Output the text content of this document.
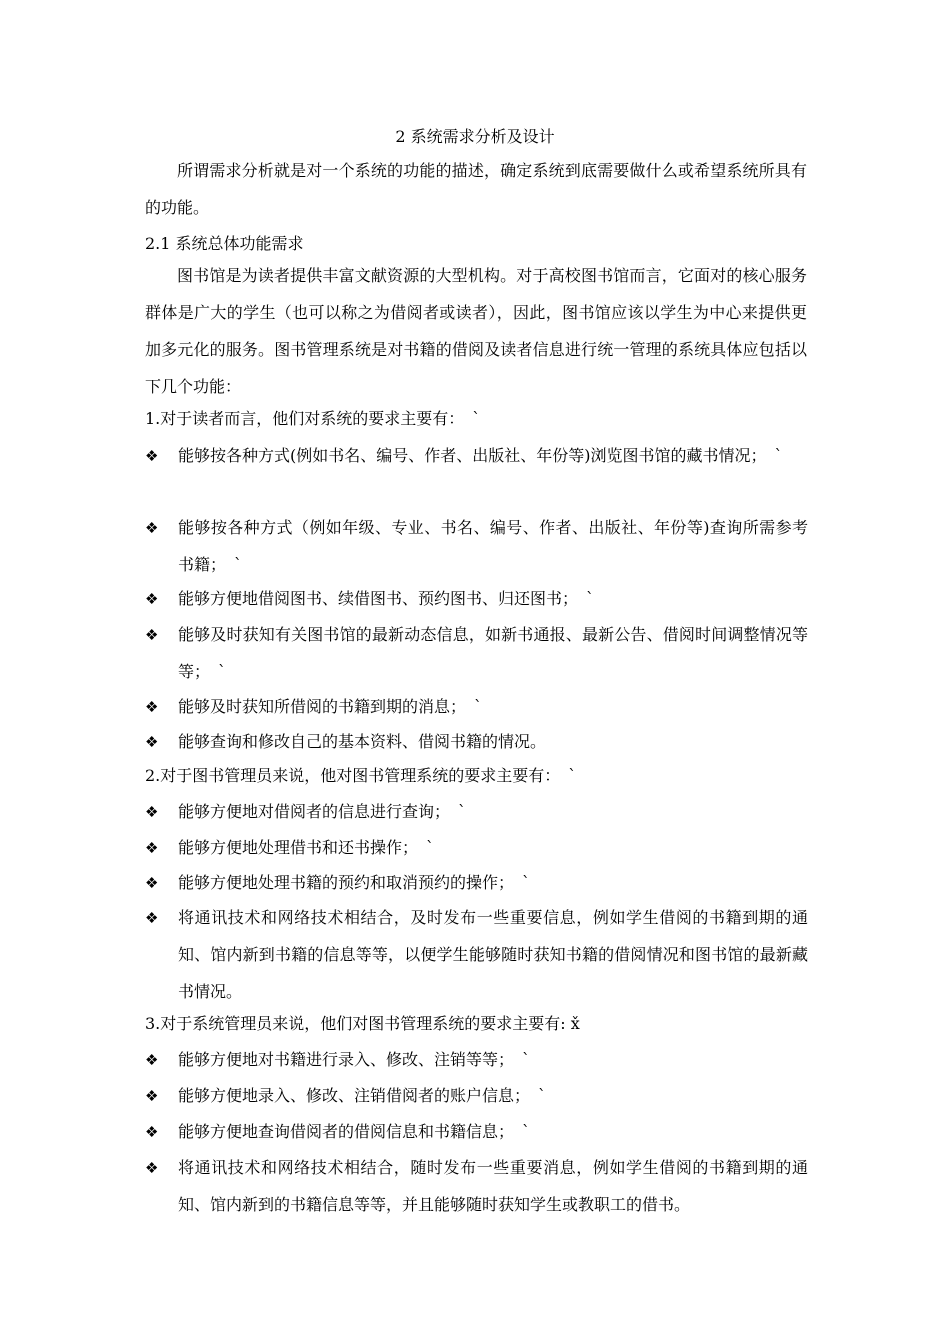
2 系统需求分析及设计
所谓需求分析就是对一个系统的功能的描述，确定系统到底需要做什么或希望系统所具有的功能。
2.1 系统总体功能需求
图书馆是为读者提供丰富文献资源的大型机构。对于高校图书馆而言，它面对的核心服务群体是广大的学生（也可以称之为借阅者或读者），因此，图书馆应该以学生为中心来提供更加多元化的服务。图书管理系统是对书籍的借阅及读者信息进行统一管理的系统具体应包括以下几个功能：
1.对于读者而言，他们对系统的要求主要有：　`
❖ 能够按各种方式(例如书名、编号、作者、出版社、年份等)浏览图书馆的藏书情况；　`
❖ 能够按各种方式（例如年级、专业、书名、编号、作者、出版社、年份等)查询所需参考书籍；　`
❖ 能够方便地借阅图书、续借图书、预约图书、归还图书；　`
❖ 能够及时获知有关图书馆的最新动态信息，如新书通报、最新公告、借阅时间调整情况等等；　`
❖ 能够及时获知所借阅的书籍到期的消息；　`
❖ 能够查询和修改自己的基本资料、借阅书籍的情况。
2.对于图书管理员来说，他对图书管理系统的要求主要有：　`
❖ 能够方便地对借阅者的信息进行查询；　`
❖ 能够方便地处理借书和还书操作；　`
❖ 能够方便地处理书籍的预约和取消预约的操作；　`
❖ 将通讯技术和网络技术相结合，及时发布一些重要信息，例如学生借阅的书籍到期的通知、馆内新到书籍的信息等等，以便学生能够随时获知书籍的借阅情况和图书馆的最新藏书情况。
3.对于系统管理员来说，他们对图书管理系统的要求主要有: x̌
❖ 能够方便地对书籍进行录入、修改、注销等等；　`
❖ 能够方便地录入、修改、注销借阅者的账户信息；　`
❖ 能够方便地查询借阅者的借阅信息和书籍信息；　`
❖ 将通讯技术和网络技术相结合，随时发布一些重要消息，例如学生借阅的书籍到期的通知、馆内新到的书籍信息等等，并且能够随时获知学生或教职工的借书。
